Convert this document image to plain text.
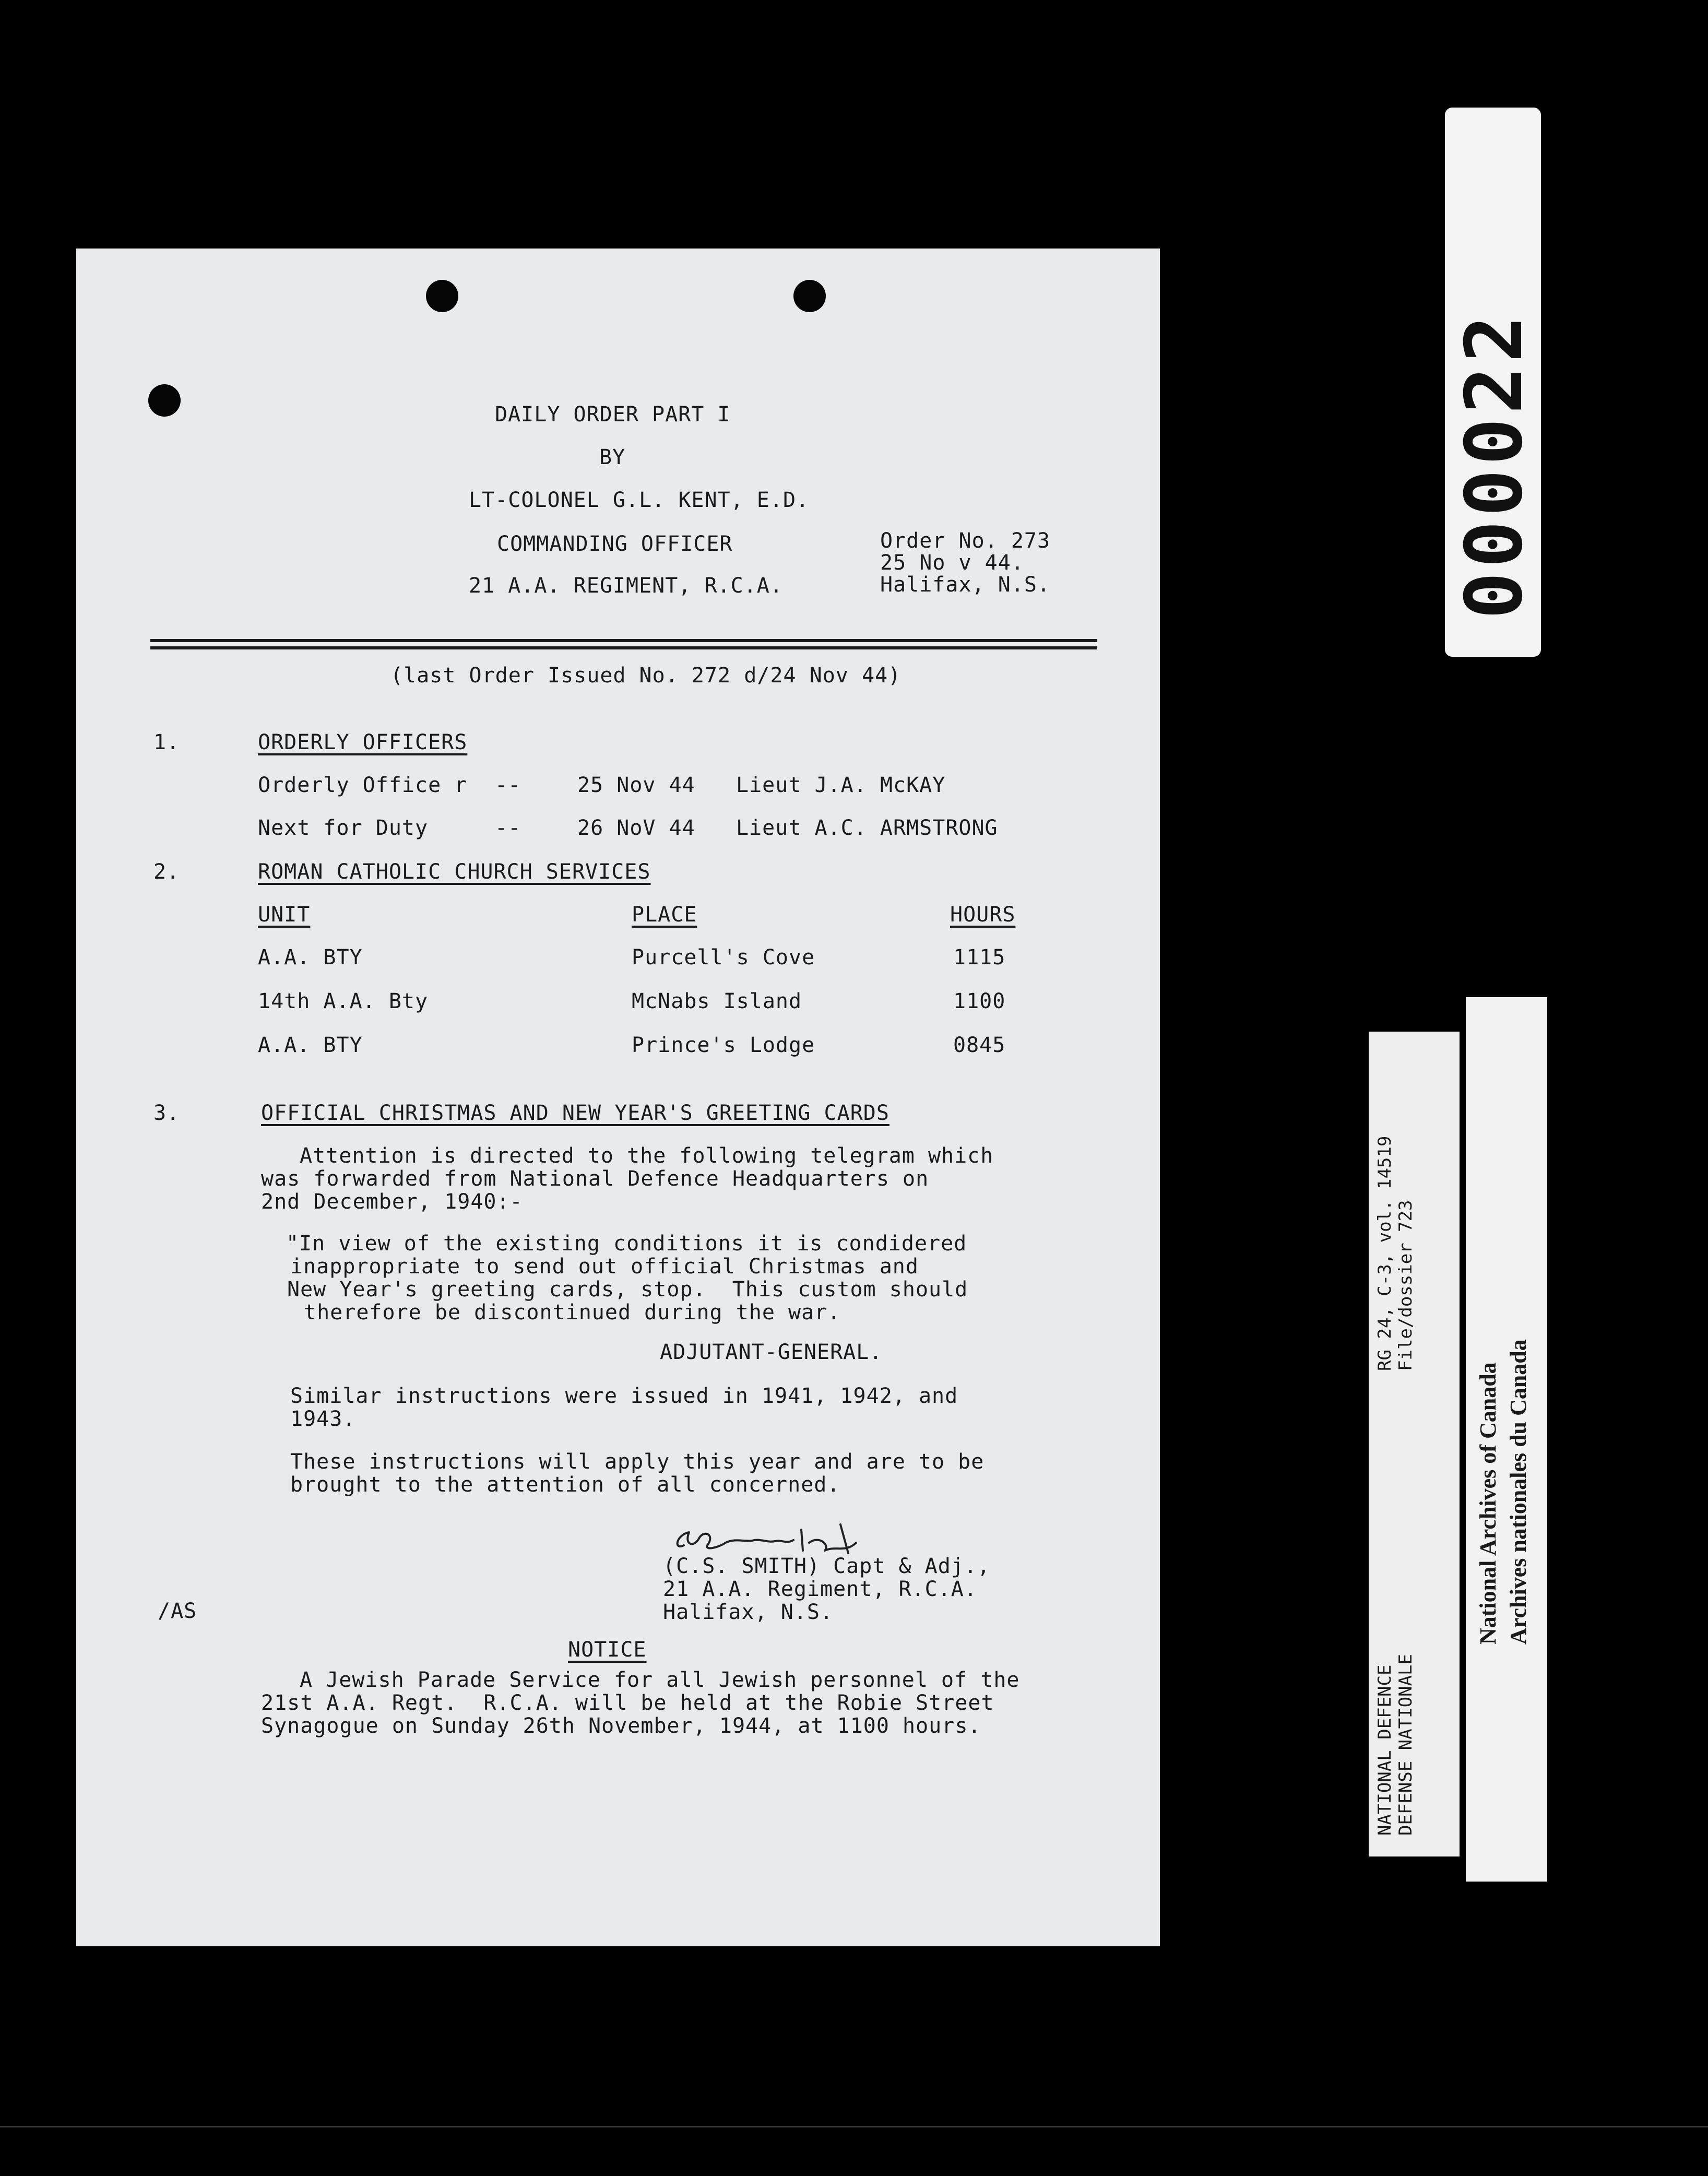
DAILY ORDER PART I
BY
LT-COLONEL G.L. KENT, E.D.
COMMANDING OFFICER
21 A.A. REGIMENT, R.C.A.
Order No. 273
25 No v 44.
Halifax, N.S.
(last Order Issued No. 272 d/24 Nov 44)
1.	ORDERLY OFFICERS
Orderly Office r --	25 Nov 44 Lieut J.A. McKAY
Next for Duty	--	26 NoV 44 Lieut A.C. ARMSTRONG
2.	ROMAN CATHOLIC CHURCH SERVICES
UNIT	PLACE	HOURS
A.A. BTY	Purcell's Cove	1115
14th A.A. Bty	McNabs Island	1100
A.A. BTY	Prince's Lodge	0845
3.	OFFICIAL CHRISTMAS AND NEW YEAR'S GREETING CARDS
Attention is directed to the following telegram which
was forwarded from National Defence Headquarters on
2nd December, 1940:-
"In view of the existing conditions it is condidered
inappropriate to send out official Christmas and
New Year's greeting cards, stop.  This custom should
therefore be discontinued during the war.
ADJUTANT-GENERAL.
Similar instructions were issued in 1941, 1942, and
1943.
These instructions will apply this year and are to be
brought to the attention of all concerned.
(C.S. SMITH) Capt & Adj.,
21 A.A. Regiment, R.C.A.
Halifax, N.S.
/AS
NOTICE
A Jewish Parade Service for all Jewish personnel of the
21st A.A. Regt.  R.C.A. will be held at the Robie Street
Synagogue on Sunday 26th November, 1944, at 1100 hours.
000022
RG 24, C-3, vol. 14519 File/dossier 723
NATIONAL DEFENCE DEFENSE NATIONALE
National Archives of Canada Archives nationales du Canada
